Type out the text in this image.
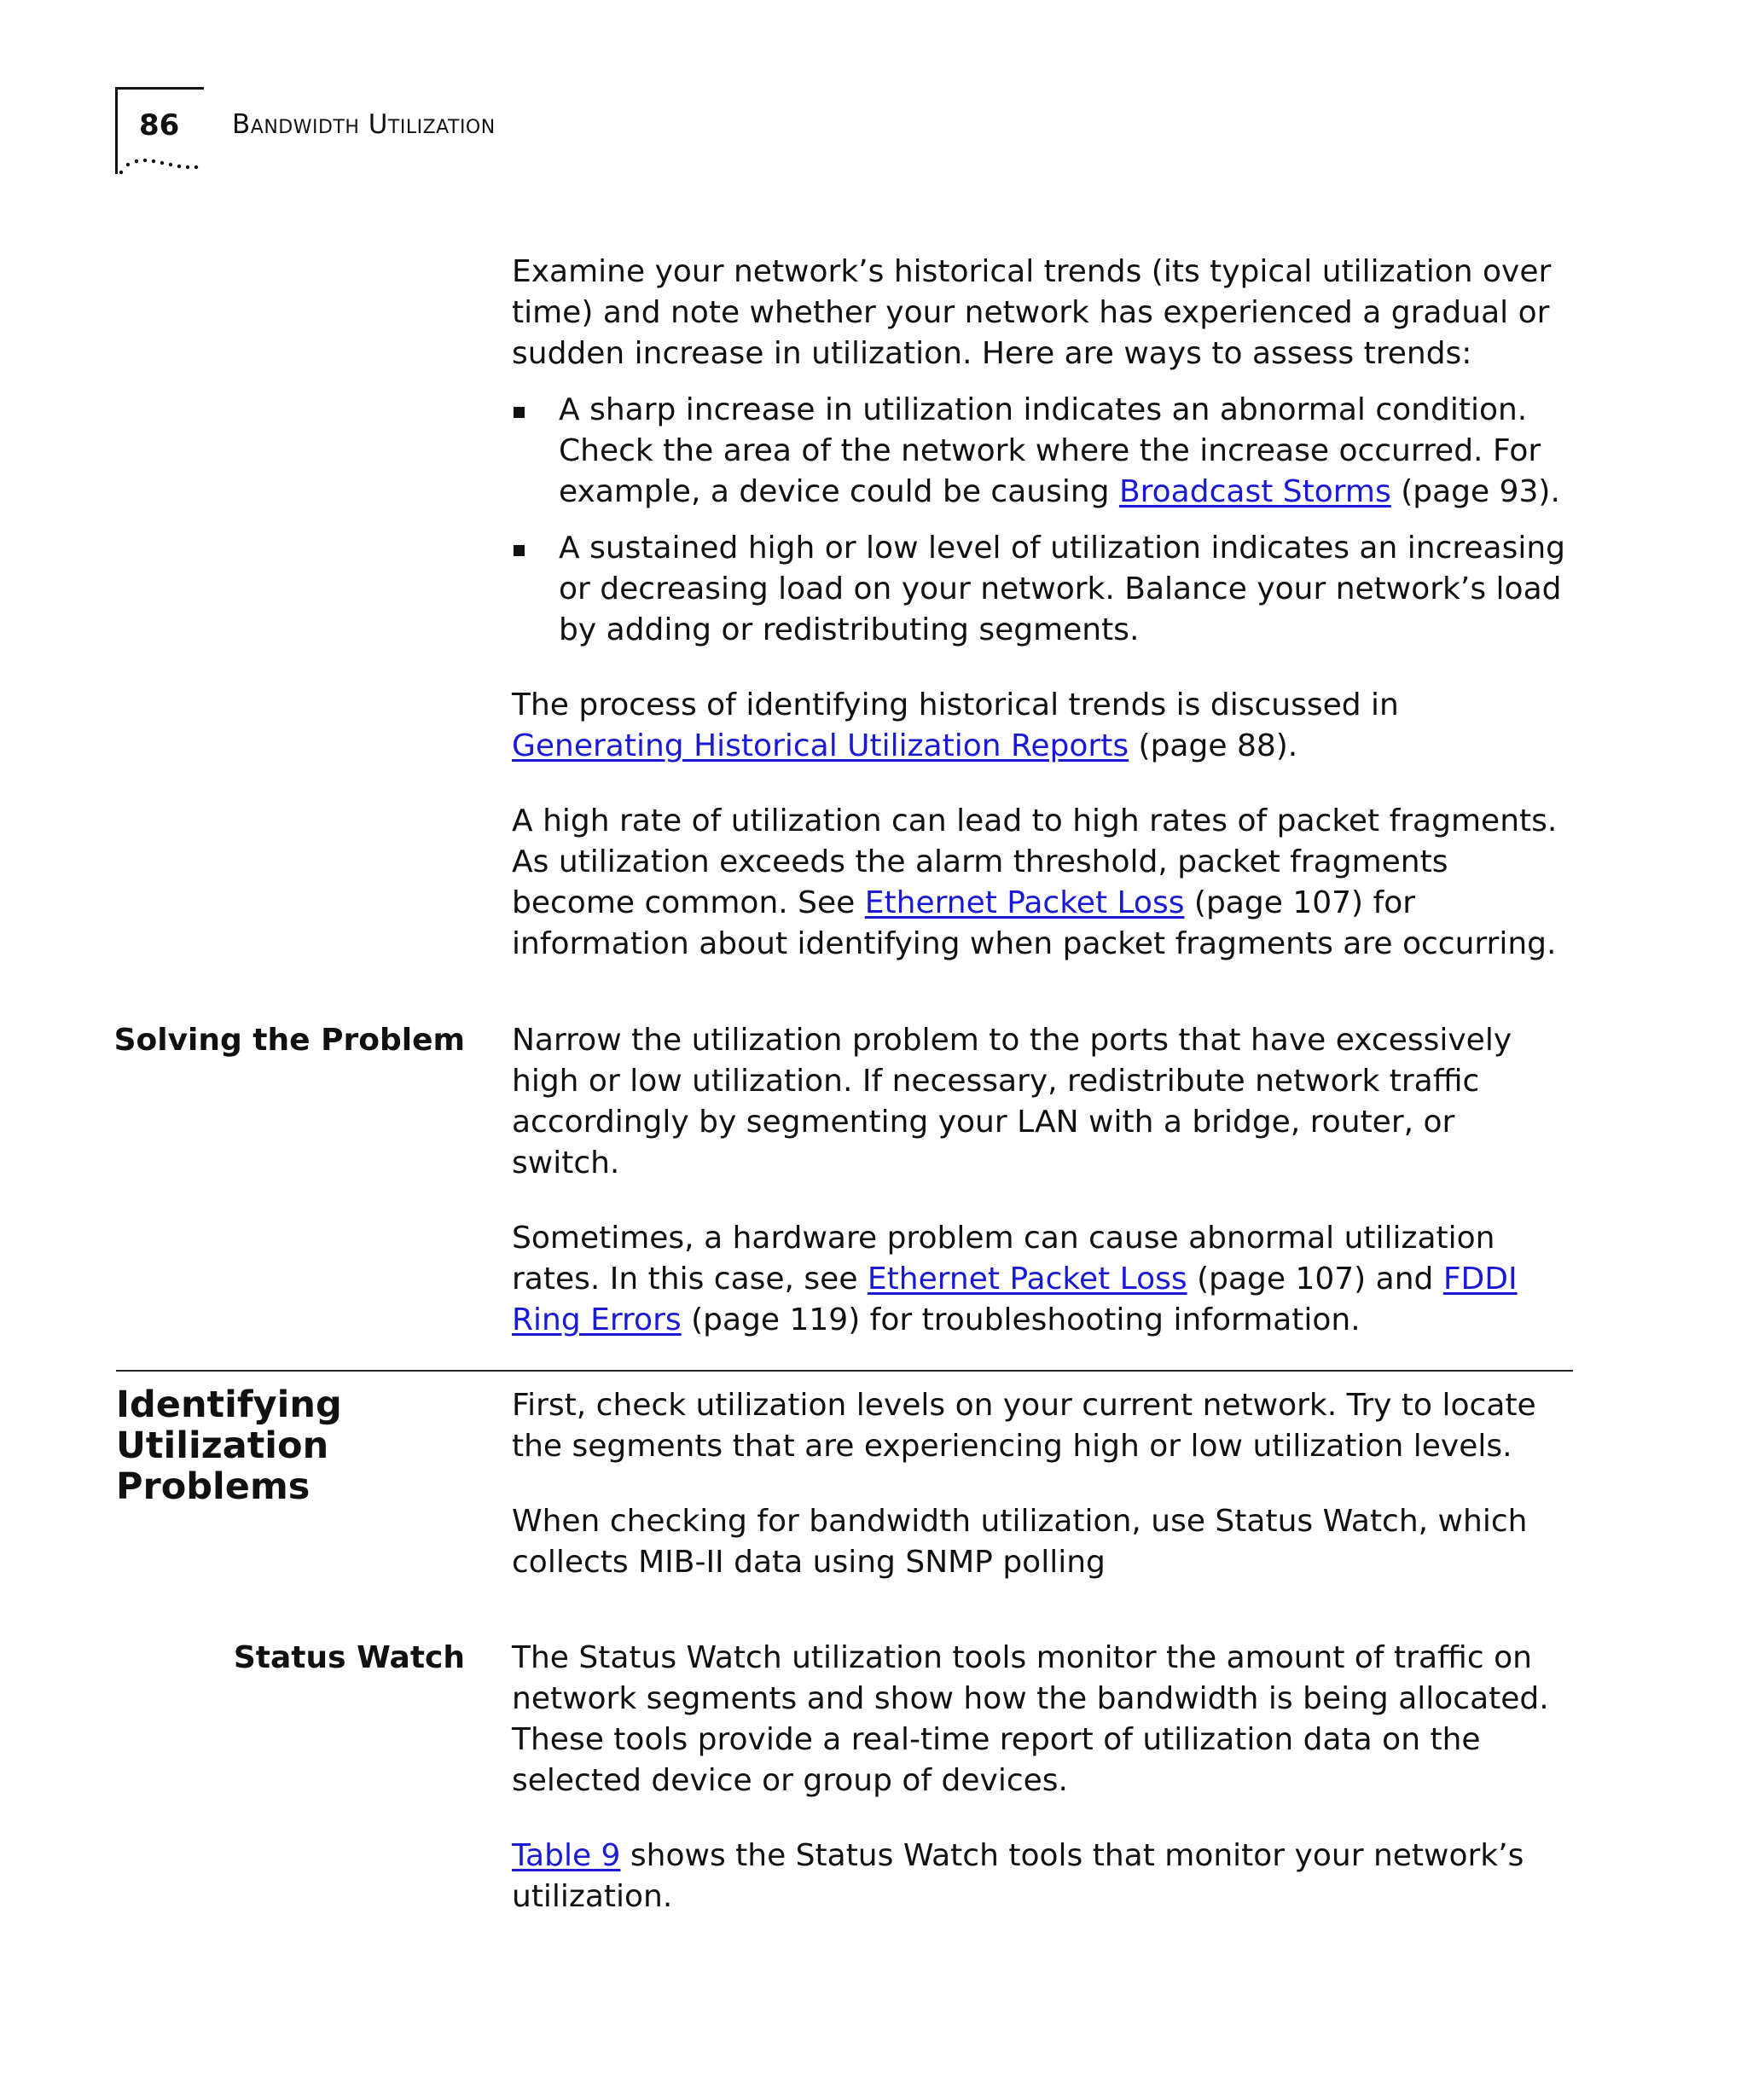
86 Bandwidth Utilization

Examine your network’s historical trends (its typical utilization over time) and note whether your network has experienced a gradual or sudden increase in utilization. Here are ways to assess trends:

A sharp increase in utilization indicates an abnormal condition. Check the area of the network where the increase occurred. For example, a device could be causing Broadcast Storms (page 93).
A sustained high or low level of utilization indicates an increasing or decreasing load on your network. Balance your network’s load by adding or redistributing segments.

The process of identifying historical trends is discussed in Generating Historical Utilization Reports (page 88).

A high rate of utilization can lead to high rates of packet fragments. As utilization exceeds the alarm threshold, packet fragments become common. See Ethernet Packet Loss (page 107) for information about identifying when packet fragments are occurring.

Solving the Problem Narrow the utilization problem to the ports that have excessively high or low utilization. If necessary, redistribute network traffic accordingly by segmenting your LAN with a bridge, router, or switch.

Sometimes, a hardware problem can cause abnormal utilization rates. In this case, see Ethernet Packet Loss (page 107) and FDDI Ring Errors (page 119) for troubleshooting information.

Identifying
Utilization
Problems

First, check utilization levels on your current network. Try to locate the segments that are experiencing high or low utilization levels.

When checking for bandwidth utilization, use Status Watch, which collects MIB-II data using SNMP polling

Status Watch The Status Watch utilization tools monitor the amount of traffic on network segments and show how the bandwidth is being allocated. These tools provide a real-time report of utilization data on the selected device or group of devices.

Table 9 shows the Status Watch tools that monitor your network’s utilization.
